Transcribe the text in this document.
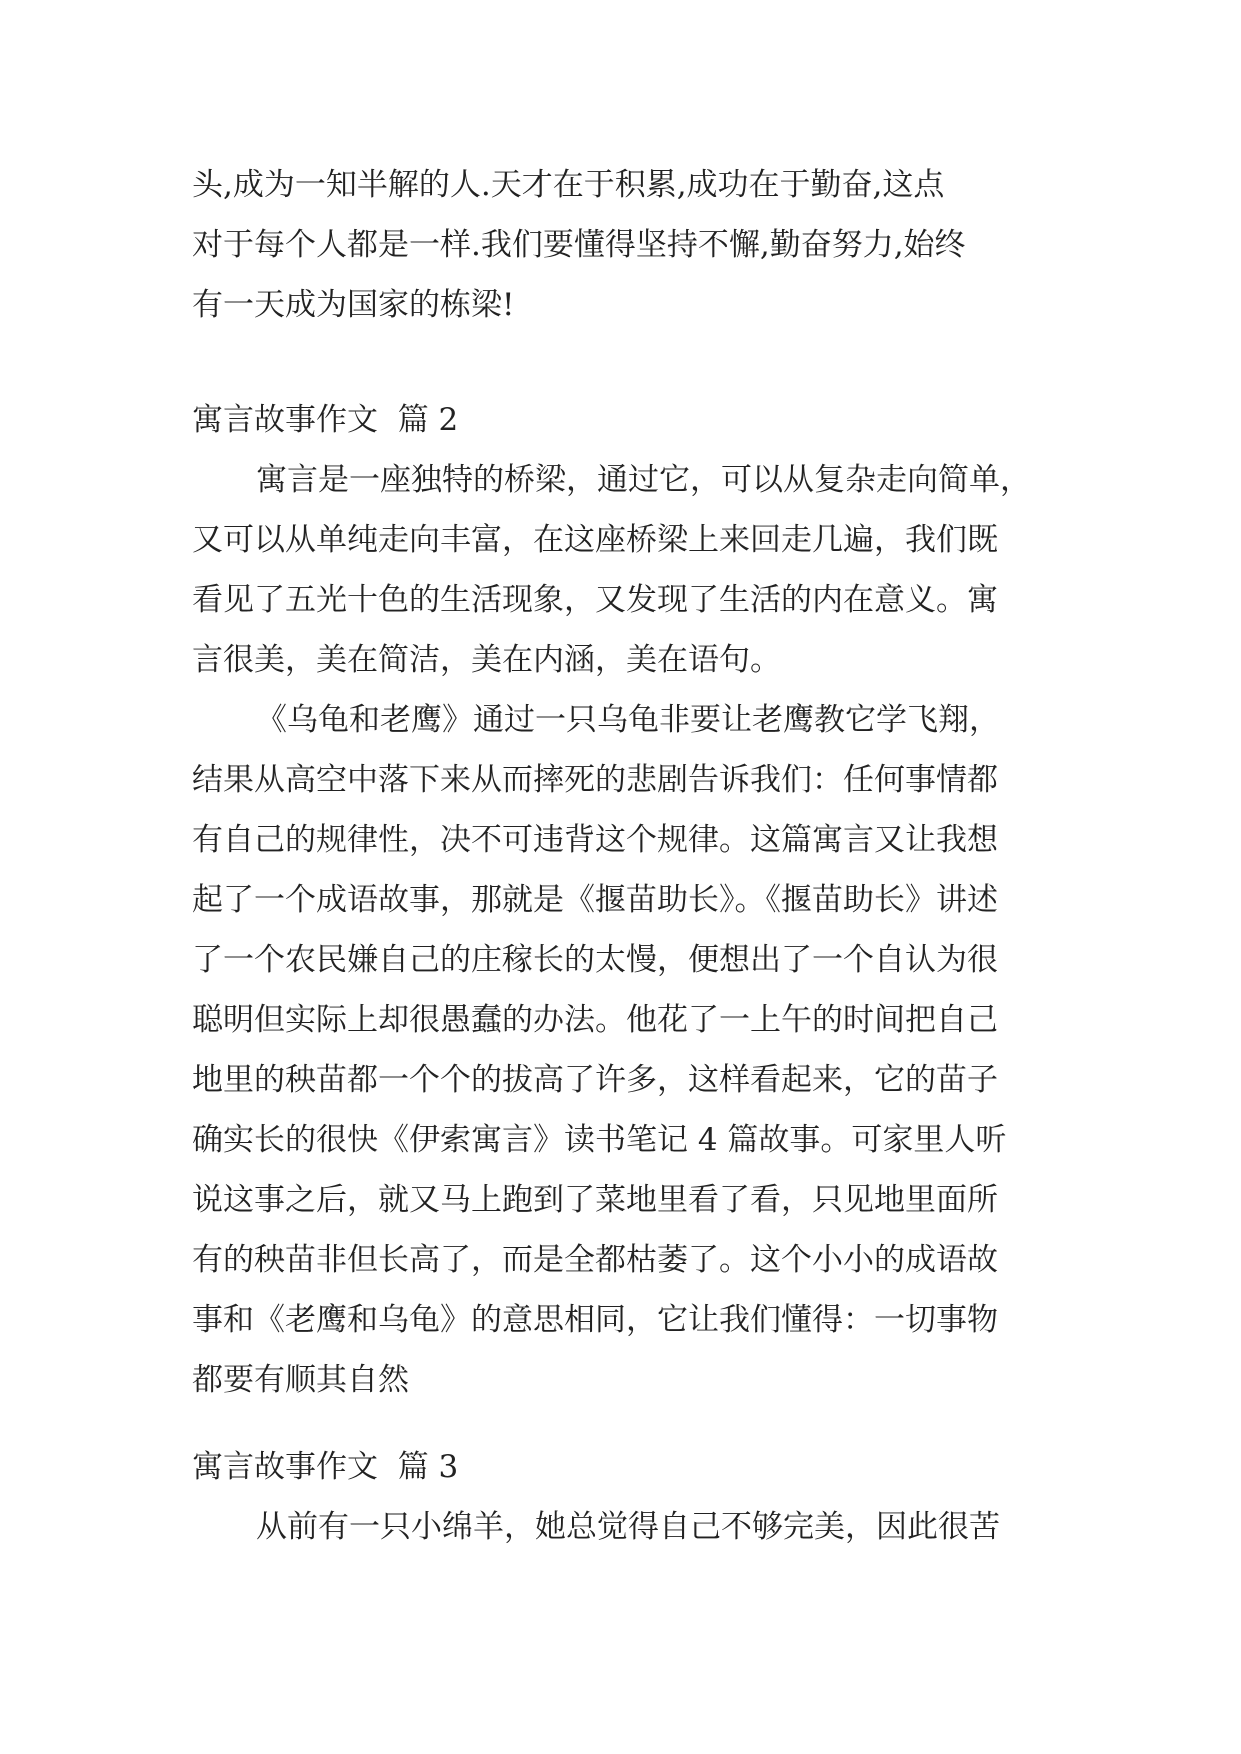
头,成为一知半解的人.天才在于积累,成功在于勤奋,这点
对于每个人都是一样.我们要懂得坚持不懈,勤奋努力,始终
有一天成为国家的栋梁!
寓言故事作文  篇 2
寓言是一座独特的桥梁，通过它，可以从复杂走向简单，
又可以从单纯走向丰富，在这座桥梁上来回走几遍，我们既
看见了五光十色的生活现象，又发现了生活的内在意义。寓
言很美，美在简洁，美在内涵，美在语句。
《乌龟和老鹰》通过一只乌龟非要让老鹰教它学飞翔，
结果从高空中落下来从而摔死的悲剧告诉我们：任何事情都
有自己的规律性，决不可违背这个规律。这篇寓言又让我想
起了一个成语故事，那就是《揠苗助长》。《揠苗助长》讲述
了一个农民嫌自己的庄稼长的太慢，便想出了一个自认为很
聪明但实际上却很愚蠢的办法。他花了一上午的时间把自己
地里的秧苗都一个个的拔高了许多，这样看起来，它的苗子
确实长的很快《伊索寓言》读书笔记 4 篇故事。可家里人听
说这事之后，就又马上跑到了菜地里看了看，只见地里面所
有的秧苗非但长高了，而是全都枯萎了。这个小小的成语故
事和《老鹰和乌龟》的意思相同，它让我们懂得：一切事物
都要有顺其自然
寓言故事作文  篇 3
从前有一只小绵羊，她总觉得自己不够完美，因此很苦
